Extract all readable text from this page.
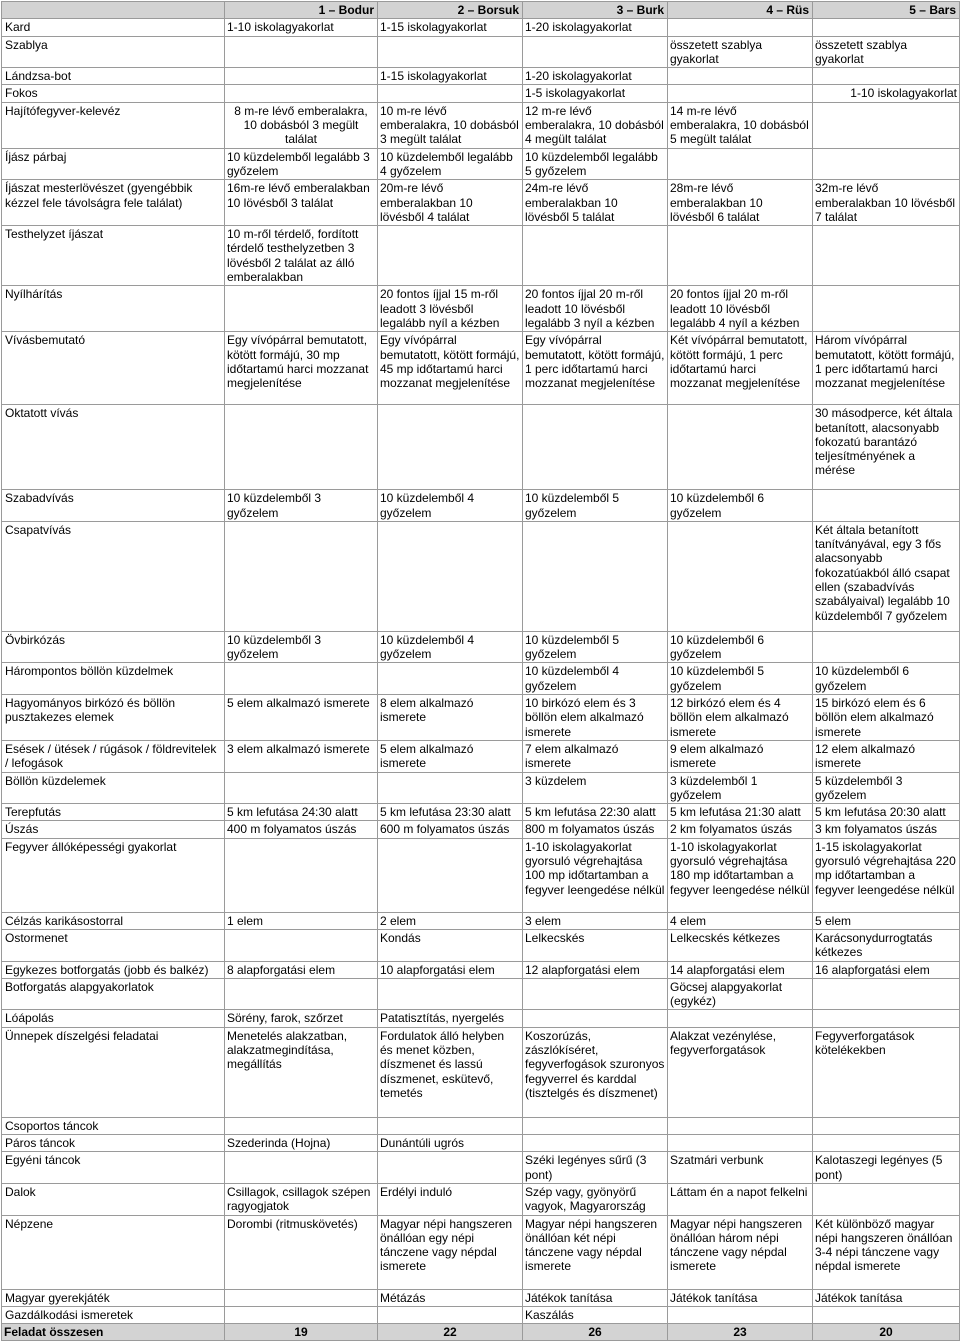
	1 – Bodur	2 – Borsuk	3 – Burk	4 – Rüs	5 – Bars
Kard	1-10 iskolagyakorlat	1-15 iskolagyakorlat	1-20 iskolagyakorlat		
Szablya				összetett szablya gyakorlat	összetett szablya gyakorlat
Lándzsa-bot		1-15 iskolagyakorlat	1-20 iskolagyakorlat		
Fokos			1-5 iskolagyakorlat		1-10 iskolagyakorlat
Hajítófegyver-kelevéz	8 m-re lévő emberalakra, 10 dobásból 3 megült találat	10 m-re lévő emberalakra, 10 dobásból 3 megült találat	12 m-re lévő emberalakra, 10 dobásból 4 megült találat	14 m-re lévő emberalakra, 10 dobásból 5 megült találat	
Íjász párbaj	10 küzdelemből legalább 3 győzelem	10 küzdelemből legalább 4 győzelem	10 küzdelemből legalább 5 győzelem		
Íjászat mesterlövészet (gyengébbik kézzel fele távolságra fele találat)	16m-re lévő emberalakban 10 lövésből 3 találat	20m-re lévő emberalakban 10 lövésből 4 találat	24m-re lévő emberalakban 10 lövésből 5 találat	28m-re lévő emberalakban 10 lövésből 6 találat	32m-re lévő emberalakban 10 lövésből 7 találat
Testhelyzet íjászat	10 m-ről térdelő, fordított térdelő testhelyzetben 3 lövésből 2 találat az álló emberalakban				
Nyílhárítás		20 fontos íjjal 15 m-ről leadott 3 lövésből legalább nyíl a kézben	20 fontos íjjal 20 m-ről leadott 10 lövésből legalább 3 nyíl a kézben	20 fontos íjjal 20 m-ről leadott 10 lövésből legalább 4 nyíl a kézben	
Vívásbemutató	Egy vívópárral bemutatott, kötött formájú, 30 mp időtartamú harci mozzanat megjelenítése	Egy vívópárral bemutatott, kötött formájú, 45 mp időtartamú harci mozzanat megjelenítése	Egy vívópárral bemutatott, kötött formájú, 1 perc időtartamú harci mozzanat megjelenítése	Két vívópárral bemutatott, kötött formájú, 1 perc időtartamú harci mozzanat megjelenítése	Három vívópárral bemutatott, kötött formájú, 1 perc időtartamú harci mozzanat megjelenítése
Oktatott vívás					30 másodperce, két általa betanított, alacsonyabb fokozatú barantázó teljesítményének a mérése
Szabadvívás	10 küzdelemből 3 győzelem	10 küzdelemből 4 győzelem	10 küzdelemből 5 győzelem	10 küzdelemből 6 győzelem	
Csapatvívás					Két általa betanított tanítványával, egy 3 fős alacsonyabb fokozatúakból álló csapat ellen (szabadvívás szabályaival) legalább 10 küzdelemből 7 győzelem
Övbirkózás	10 küzdelemből 3 győzelem	10 küzdelemből 4 győzelem	10 küzdelemből 5 győzelem	10 küzdelemből 6 győzelem	
Hárompontos böllön küzdelmek			10 küzdelemből 4 győzelem	10 küzdelemből 5 győzelem	10 küzdelemből 6 győzelem
Hagyományos birkózó és böllön pusztakezes elemek	5 elem alkalmazó ismerete	8 elem alkalmazó ismerete	10 birkózó elem és 3 böllön elem alkalmazó ismerete	12 birkózó elem és 4 böllön elem alkalmazó ismerete	15 birkózó elem és 6 böllön elem alkalmazó ismerete
Esések / ütések / rúgások / földrevitelek / lefogások	3 elem alkalmazó ismerete	5 elem alkalmazó ismerete	7 elem alkalmazó ismerete	9 elem alkalmazó ismerete	12 elem alkalmazó ismerete
Böllön küzdelemek			3 küzdelem	3 küzdelemből 1 győzelem	5 küzdelemből 3 győzelem
Terepfutás	5 km lefutása 24:30 alatt	5 km lefutása 23:30 alatt	5 km lefutása 22:30 alatt	5 km lefutása 21:30 alatt	5 km lefutása 20:30 alatt
Úszás	400 m folyamatos úszás	600 m folyamatos úszás	800 m folyamatos úszás	2 km folyamatos úszás	3 km folyamatos úszás
Fegyver állóképességi gyakorlat			1-10 iskolagyakorlat gyorsuló végrehajtása 100 mp időtartamban a fegyver leengedése nélkül	1-10 iskolagyakorlat gyorsuló végrehajtása 180 mp időtartamban a fegyver leengedése nélkül	1-15 iskolagyakorlat gyorsuló végrehajtása 220 mp időtartamban a fegyver leengedése nélkül
Célzás karikásostorral	1 elem	2 elem	3 elem	4 elem	5 elem
Ostormenet		Kondás	Lelkecskés	Lelkecskés kétkezes	Karácsonydurrogtatás kétkezes
Egykezes botforgatás (jobb és balkéz)	8 alapforgatási elem	10 alapforgatási elem	12 alapforgatási elem	14 alapforgatási elem	16 alapforgatási elem
Botforgatás alapgyakorlatok				Göcsej alapgyakorlat (egykéz)	
Lóápolás	Sörény, farok, szőrzet	Patatisztítás, nyergelés			
Ünnepek díszelgési feladatai	Menetelés alakzatban, alakzatmegindítása, megállítás	Fordulatok álló helyben és menet közben, díszmenet és lassú díszmenet, eskütevő, temetés	Koszorúzás, zászlókíséret, fegyverfogások szuronyos fegyverrel és karddal (tisztelgés és díszmenet)	Alakzat vezénylése, fegyverforgatások	Fegyverforgatások kötelékekben
Csoportos táncok					
Páros táncok	Szederinda (Hojna)	Dunántúli ugrós			
Egyéni táncok			Széki legényes sűrű (3 pont)	Szatmári verbunk	Kalotaszegi legényes (5 pont)
Dalok	Csillagok, csillagok szépen ragyogjatok	Erdélyi induló	Szép vagy, gyönyörű vagyok, Magyarország	Láttam én a napot felkelni	
Népzene	Dorombi (ritmuskövetés)	Magyar népi hangszeren önállóan egy népi tánczene vagy népdal ismerete	Magyar népi hangszeren önállóan két népi tánczene vagy népdal ismerete	Magyar népi hangszeren önállóan három népi tánczene vagy népdal ismerete	Két különböző magyar népi hangszeren önállóan 3-4 népi tánczene vagy népdal ismerete
Magyar gyerekjáték		Métázás	Játékok tanítása	Játékok tanítása	Játékok tanítása
Gazdálkodási ismeretek			Kaszálás		
Feladat összesen	19	22	26	23	20
